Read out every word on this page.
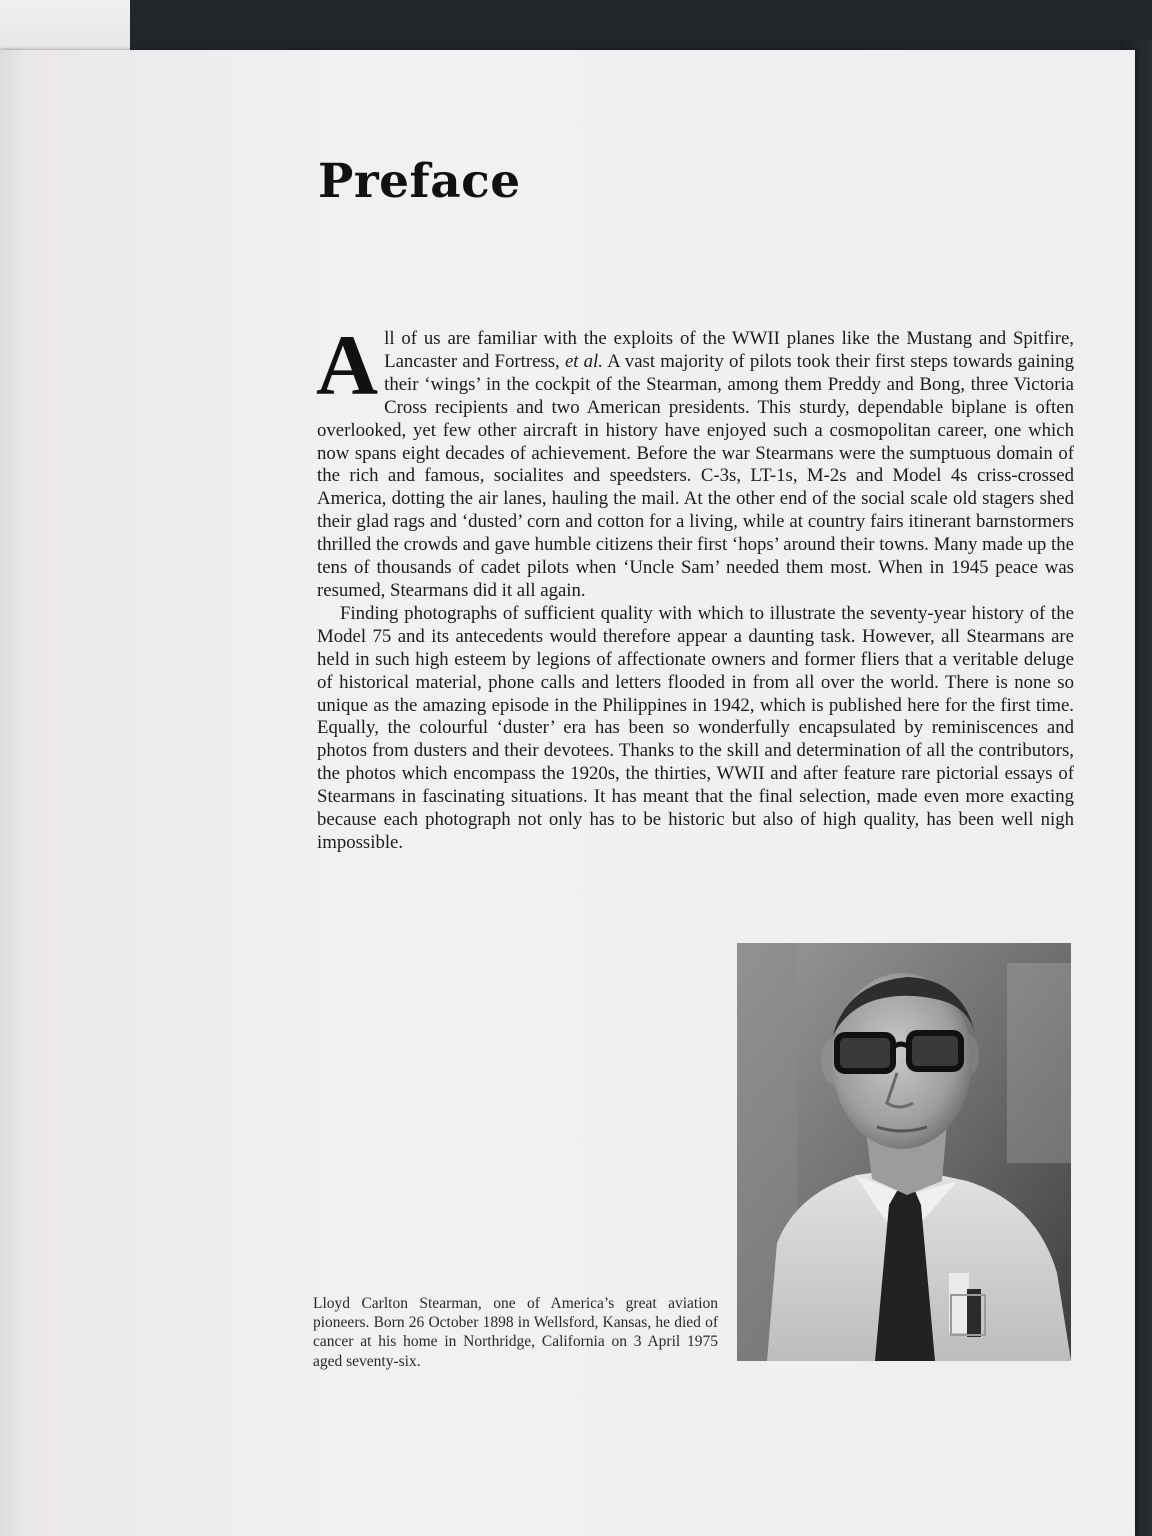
Preface

All of us are familiar with the exploits of the WWII planes like the Mustang and Spitfire, Lancaster and Fortress, et al. A vast majority of pilots took their first steps towards gaining their ‘wings’ in the cockpit of the Stearman, among them Preddy and Bong, three Victoria Cross recipients and two American presidents. This sturdy, dependable biplane is often overlooked, yet few other aircraft in history have enjoyed such a cosmopolitan career, one which now spans eight decades of achievement. Before the war Stearmans were the sumptuous domain of the rich and famous, socialites and speedsters. C-3s, LT-1s, M-2s and Model 4s criss-crossed America, dotting the air lanes, hauling the mail. At the other end of the social scale old stagers shed their glad rags and ‘dusted’ corn and cotton for a living, while at country fairs itinerant barnstormers thrilled the crowds and gave humble citizens their first ‘hops’ around their towns. Many made up the tens of thousands of cadet pilots when ‘Uncle Sam’ needed them most. When in 1945 peace was resumed, Stearmans did it all again.

Finding photographs of sufficient quality with which to illustrate the seventy-year history of the Model 75 and its antecedents would therefore appear a daunting task. However, all Stearmans are held in such high esteem by legions of affectionate owners and former fliers that a veritable deluge of historical material, phone calls and letters flooded in from all over the world. There is none so unique as the amazing episode in the Philippines in 1942, which is published here for the first time. Equally, the colourful ‘duster’ era has been so wonderfully encapsulated by reminiscences and photos from dusters and their devotees. Thanks to the skill and determination of all the contributors, the photos which encompass the 1920s, the thirties, WWII and after feature rare pictorial essays of Stearmans in fascinating situations. It has meant that the final selection, made even more exacting because each photograph not only has to be historic but also of high quality, has been well nigh impossible.

Lloyd Carlton Stearman, one of America’s great aviation pioneers. Born 26 October 1898 in Wellsford, Kansas, he died of cancer at his home in Northridge, California on 3 April 1975 aged seventy-six.
